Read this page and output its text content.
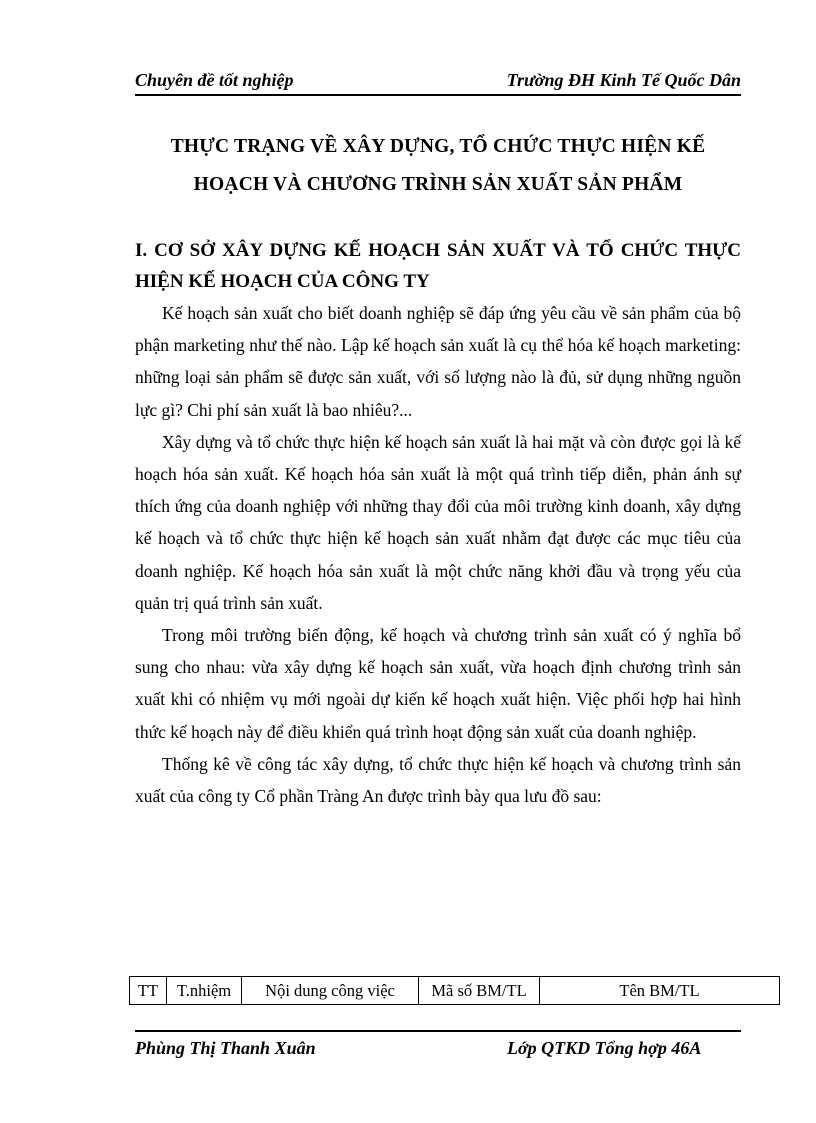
Chuyên đề tốt nghiệp	Trường ĐH Kinh Tế Quốc Dân
THỰC TRẠNG VỀ XÂY DỰNG, TỔ CHỨC THỰC HIỆN KẾ
HOẠCH VÀ CHƯƠNG TRÌNH SẢN XUẤT SẢN PHẨM
I. CƠ SỞ XÂY DỰNG KẾ HOẠCH SẢN XUẤT VÀ TỔ CHỨC THỰC HIỆN KẾ HOẠCH CỦA CÔNG TY

Kế hoạch sản xuất cho biết doanh nghiệp sẽ đáp ứng yêu cầu về sản phẩm của bộ phận marketing như thế nào. Lập kế hoạch sản xuất là cụ thể hóa kế hoạch marketing: những loại sản phẩm sẽ được sản xuất, với số lượng nào là đủ, sử dụng những nguồn lực gì? Chi phí sản xuất là bao nhiêu?...

Xây dựng và tổ chức thực hiện kế hoạch sản xuất là hai mặt và còn được gọi là kế hoạch hóa sản xuất. Kế hoạch hóa sản xuất là một quá trình tiếp diễn, phản ánh sự thích ứng của doanh nghiệp với những thay đổi của môi trường kinh doanh, xây dựng kế hoạch và tổ chức thực hiện kế hoạch sản xuất nhằm đạt được các mục tiêu của doanh nghiệp. Kế hoạch hóa sản xuất là một chức năng khởi đầu và trọng yếu của quản trị quá trình sản xuất.

Trong môi trường biến động, kế hoạch và chương trình sản xuất có ý nghĩa bổ sung cho nhau: vừa xây dựng kế hoạch sản xuất, vừa hoạch định chương trình sản xuất khi có nhiệm vụ mới ngoài dự kiến kế hoạch xuất hiện. Việc phối hợp hai hình thức kế hoạch này để điều khiển quá trình hoạt động sản xuất của doanh nghiệp.

Thống kê về công tác xây dựng, tổ chức thực hiện kế hoạch và chương trình sản xuất của công ty Cổ phần Tràng An được trình bày qua lưu đồ sau:

TT	T.nhiệm	Nội dung công việc	Mã số BM/TL	Tên BM/TL
Phùng Thị Thanh Xuân	Lớp QTKD Tổng hợp 46A
